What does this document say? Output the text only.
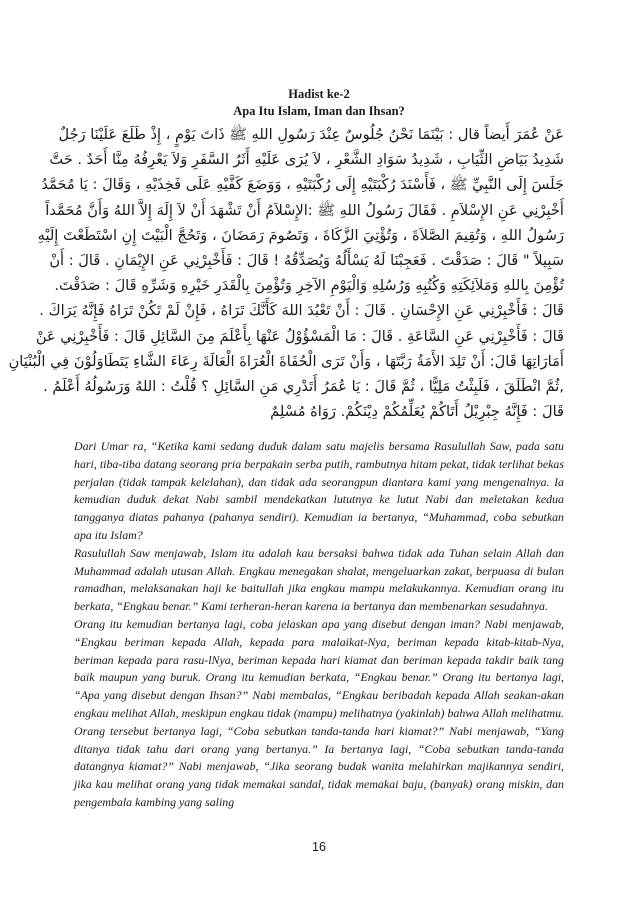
Hadist ke-2
Apa Itu Islam, Iman dan Ihsan?
عَنْ عُمَرَ أَيضاً قال : بَيْنَمَا نَحْنُ جُلُوسٌ عِنْدَ رَسُولِ اللهِ ﷺ ذَاتَ يَوْمٍ ، إِذْ طَلَعَ عَلَيْنَا رَجُلٌ
شَدِيدُ بَيَاضِ الثِّيَابِ ، شَدِيدُ سَوَادِ الشَّعْرِ ، لاَ يُرَى عَلَيْهِ أَثَرُ السَّفَرِ وَلاَ يَعْرِفُهُ مِنَّا أَحَدٌ . حَتَّ
جَلَسَ إِلَى النَّبِيِّ ﷺ ، فَأَسْنَدَ رُكْبَتَيْهِ إِلَى رُكْبَتَيْهِ ، وَوَضَعَ كَفَّيْهِ عَلَى فَخِذَيْهِ ، وَقَالَ : يَا مُحَمَّدُ
أَخْبِرْنِي عَنِ الإِسْلاَمِ . فَقَالَ رَسُولُ اللهِ ﷺ :الإِسْلاَمُ أَنْ تَشْهَدَ أَنْ لاَ إِلَهَ إِلاَّ اللهُ وَأَنَّ مُحَمَّداً
رَسُولُ اللهِ ، وَتُقِيمَ الصَّلاَةَ ، وَتُؤْتِيَ الزَّكَاةَ ، وَتَصُومَ رَمَضَانَ ، وَتَحُجَّ الْبَيْتَ إِنِ اسْتَطَعْتَ إِلَيْهِ
سَبِيلاً " قَالَ : صَدَقْتَ . فَعَجِبْنَا لَهُ يَسْأَلُهُ وَيُصَدِّقُهُ ! قَالَ : فَأَخْبِرْنِي عَنِ الإِيْمَانِ . قَالَ : أَنْ
تُؤْمِنَ بِاللهِ وَمَلاَئِكَتِهِ وَكُتُبِهِ وَرُسُلِهِ وَالْيَوْمِ الآخِرِ وَتُؤْمِنَ بِالْقَدَرِ خَيْرِهِ وَشَرِّهِ قَالَ : صَدَقْتَ.
قَالَ : فَأَخْبِرْنِي عَنِ الإِحْسَانِ . قَالَ : أَنْ تَعْبُدَ اللهَ كَأَنَّكَ تَرَاهُ ، فَإِنْ لَمْ تَكُنْ تَرَاهُ فَإِنَّهُ يَرَاكَ .
قَالَ : فَأَخْبِرْنِي عَنِ السَّاعَةِ . قَالَ : مَا الْمَسْؤُوْلُ عَنْهَا بِأَعْلَمَ مِنَ السَّائِلِ قَالَ : فَأَخْبِرْنِي عَنْ
أَمَارَاتِهَا قَالَ: أَنْ تَلِدَ الأَمَةُ رَبَّتَهَا ، وَأَنْ تَرَى الْحُفَاةَ الْعُرَاةَ الْعَالَةَ رِعَاءَ الشَّاءِ يَتَطَاوَلُوْنَ فِي الْبُنْيَانِ
,ثُمَّ انْطَلَقَ ، فَلَبِثْتُ مَلِيًّا ، ثُمَّ قَالَ : يَا عُمَرُ أَتَدْرِي مَنِ السَّائِلِ ؟ قُلْتُ : اللهُ وَرَسُولُهُ أَعْلَمُ .
قَالَ : فَإِنَّهُ جِبْرِيْلُ أَتَاكُمْ يُعَلِّمُكُمْ دِيْنَكُمْ. رَوَاهُ مُسْلِمٌ

Dari Umar ra, “Ketika kami sedang duduk dalam satu majelis bersama Rasulullah Saw, pada satu hari, tiba-tiba datang seorang pria berpakain serba putih, rambutnya hitam pekat, tidak terlihat bekas perjalan (tidak tampak kelelahan), dan tidak ada seorangpun diantara kami yang mengenalnya. Ia kemudian duduk dekat Nabi sambil mendekatkan lututnya ke lutut Nabi dan meletakan kedua tangganya diatas pahanya (pahanya sendiri). Kemudian ia bertanya, “Muhammad, coba sebutkan apa itu Islam?

Rasulullah Saw menjawab, Islam itu adalah kau bersaksi bahwa tidak ada Tuhan selain Allah dan Muhammad adalah utusan Allah. Engkau menegakan shalat, mengeluarkan zakat, berpuasa di bulan ramadhan, melaksanakan haji ke baitullah jika engkau mampu melakukannya. Kemudian orang itu berkata, “Engkau benar.” Kami terheran-heran karena ia bertanya dan membenarkan sesudahnya.

Orang itu kemudian bertanya lagi, coba jelaskan apa yang disebut dengan iman? Nabi menjawab, “Engkau beriman kepada Allah, kepada para malaikat-Nya, beriman kepada kitab-kitab-Nya, beriman kepada para rasu-lNya, beriman kepada hari kiamat dan beriman kepada takdir baik tang baik maupun yang buruk. Orang itu kemudian berkata, “Engkau benar.” Orang itu bertanya lagi, “Apa yang disebut dengan Ihsan?” Nabi membalas, “Engkau beribadah kepada Allah seakan-akan engkau melihat Allah, meskipun engkau tidak (mampu) melihatnya (yakinlah) bahwa Allah melihatmu. Orang tersebut bertanya lagi, “Coba sebutkan tanda-tanda hari kiamat?” Nabi menjawab, “Yang ditanya tidak tahu dari orang yang bertanya.” Ia bertanya lagi, “Coba sebutkan tanda-tanda datangnya kiamat?” Nabi menjawab, “Jika seorang budak wanita melahirkan majikannya sendiri, jika kau melihat orang yang tidak memakai sandal, tidak memakai baju, (banyak) orang miskin, dan pengembala kambing yang saling

16
